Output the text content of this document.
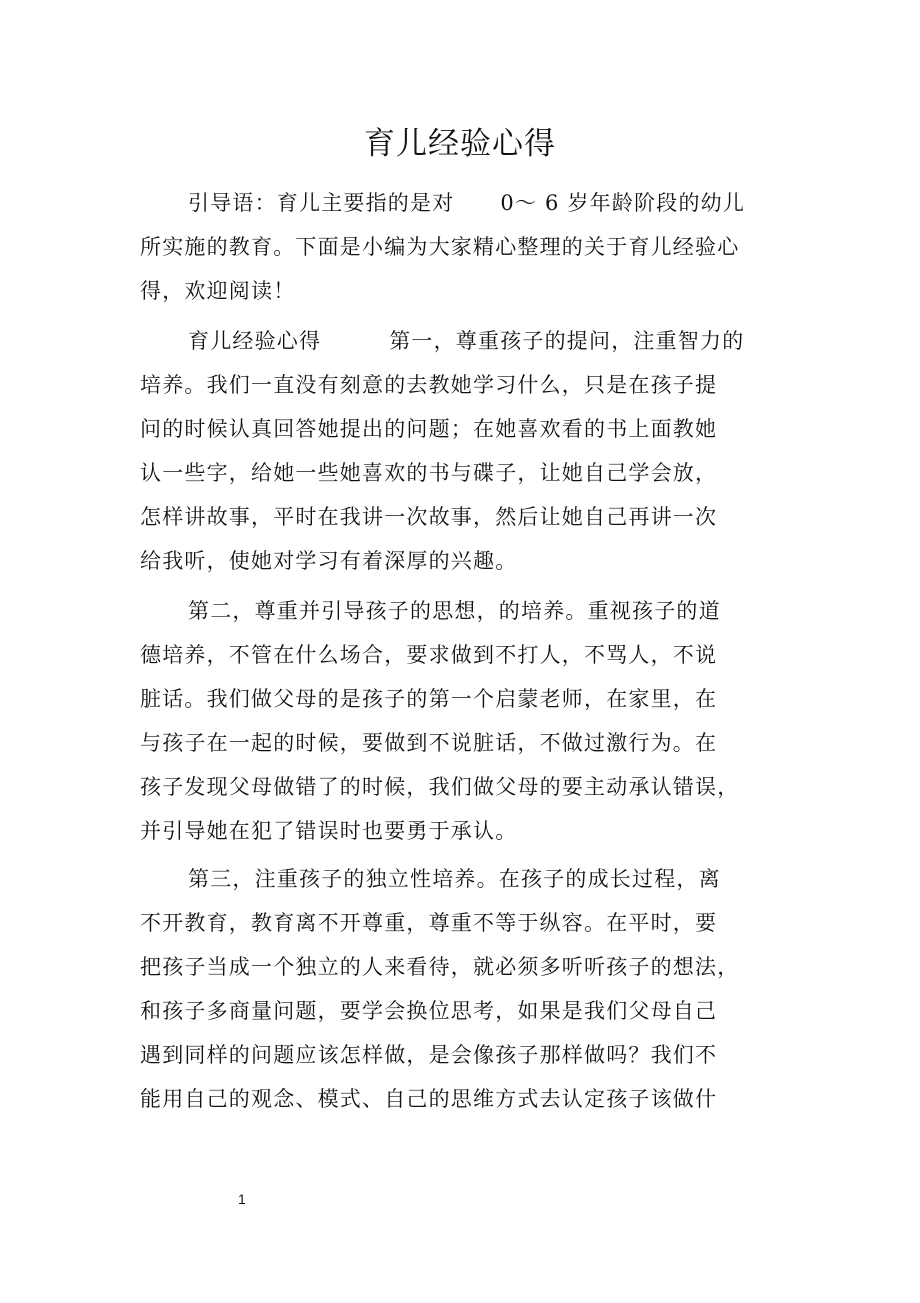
育儿经验心得
引导语：育儿主要指的是对 0～ 6 岁年龄阶段的幼儿
所实施的教育。下面是小编为大家精心整理的关于育儿经验心
得，欢迎阅读！
育儿经验心得	第一，尊重孩子的提问，注重智力的
培养。我们一直没有刻意的去教她学习什么，只是在孩子提
问的时候认真回答她提出的问题；在她喜欢看的书上面教她
认一些字，给她一些她喜欢的书与碟子，让她自己学会放，
怎样讲故事，平时在我讲一次故事，然后让她自己再讲一次
给我听，使她对学习有着深厚的兴趣。
第二，尊重并引导孩子的思想，的培养。重视孩子的道
德培养，不管在什么场合，要求做到不打人，不骂人，不说
脏话。我们做父母的是孩子的第一个启蒙老师，在家里，在
与孩子在一起的时候，要做到不说脏话，不做过激行为。在
孩子发现父母做错了的时候，我们做父母的要主动承认错误，
并引导她在犯了错误时也要勇于承认。
第三，注重孩子的独立性培养。在孩子的成长过程，离
不开教育，教育离不开尊重，尊重不等于纵容。在平时，要
把孩子当成一个独立的人来看待，就必须多听听孩子的想法，
和孩子多商量问题，要学会换位思考，如果是我们父母自己
遇到同样的问题应该怎样做，是会像孩子那样做吗？我们不
能用自己的观念、模式、自己的思维方式去认定孩子该做什
1
